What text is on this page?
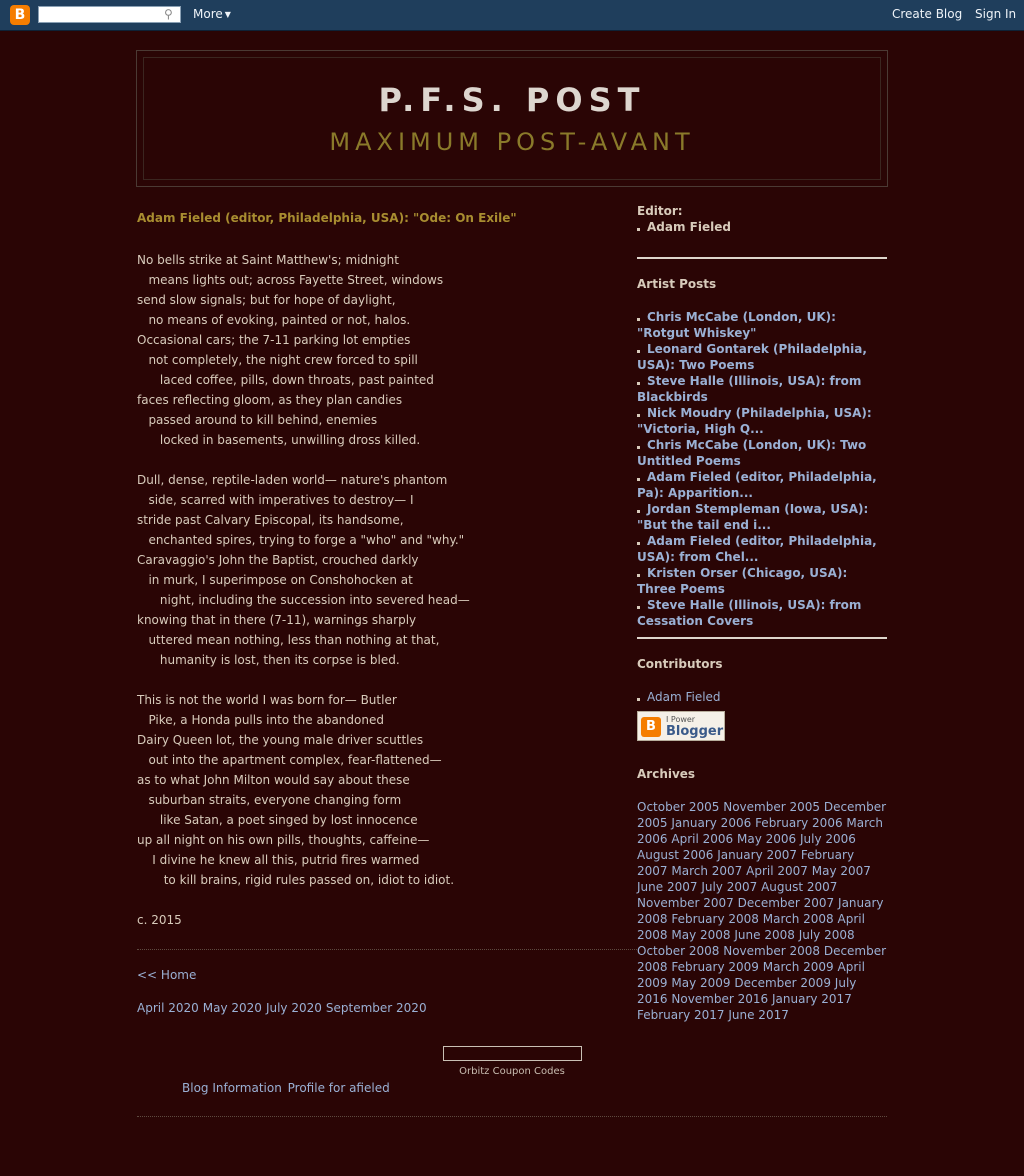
B	⚲	More ▼	Create Blog Sign In
P.F.S. POST
MAXIMUM POST-AVANT
Adam Fieled (editor, Philadelphia, USA): "Ode: On Exile"
No bells strike at Saint Matthew's; midnight
means lights out; across Fayette Street, windows
send slow signals; but for hope of daylight,
no means of evoking, painted or not, halos.
Occasional cars; the 7-11 parking lot empties
not completely, the night crew forced to spill
laced coffee, pills, down throats, past painted
faces reflecting gloom, as they plan candies
passed around to kill behind, enemies
locked in basements, unwilling dross killed.
Dull, dense, reptile-laden world— nature's phantom
side, scarred with imperatives to destroy— I
stride past Calvary Episcopal, its handsome,
enchanted spires, trying to forge a "who" and "why."
Caravaggio's John the Baptist, crouched darkly
in murk, I superimpose on Conshohocken at
night, including the succession into severed head—
knowing that in there (7-11), warnings sharply
uttered mean nothing, less than nothing at that,
humanity is lost, then its corpse is bled.
This is not the world I was born for— Butler
Pike, a Honda pulls into the abandoned
Dairy Queen lot, the young male driver scuttles
out into the apartment complex, fear-flattened—
as to what John Milton would say about these
suburban straits, everyone changing form
like Satan, a poet singed by lost innocence
up all night on his own pills, thoughts, caffeine—
I divine he knew all this, putrid fires warmed
to kill brains, rigid rules passed on, idiot to idiot.
c. 2015
<< Home
April 2020 May 2020 July 2020 September 2020
Editor:
Adam Fieled
Artist Posts
Chris McCabe (London, UK): "Rotgut Whiskey"
Leonard Gontarek (Philadelphia, USA): Two Poems
Steve Halle (Illinois, USA): from Blackbirds
Nick Moudry (Philadelphia, USA): "Victoria, High Q...
Chris McCabe (London, UK): Two Untitled Poems
Adam Fieled (editor, Philadelphia, Pa): Apparition...
Jordan Stempleman (Iowa, USA): "But the tail end i...
Adam Fieled (editor, Philadelphia, USA): from Chel...
Kristen Orser (Chicago, USA): Three Poems
Steve Halle (Illinois, USA): from Cessation Covers
Contributors
Adam Fieled
B	I Power
Blogger
Archives
October 2005 November 2005 December 2005 January 2006 February 2006 March 2006 April 2006 May 2006 July 2006 August 2006 January 2007 February 2007 March 2007 April 2007 May 2007 June 2007 July 2007 August 2007 November 2007 December 2007 January 2008 February 2008 March 2008 April 2008 May 2008 June 2008 July 2008 October 2008 November 2008 December 2008 February 2009 March 2009 April 2009 May 2009 December 2009 July 2016 November 2016 January 2017 February 2017 June 2017
Orbitz Coupon Codes
Blog Information Profile for afieled
